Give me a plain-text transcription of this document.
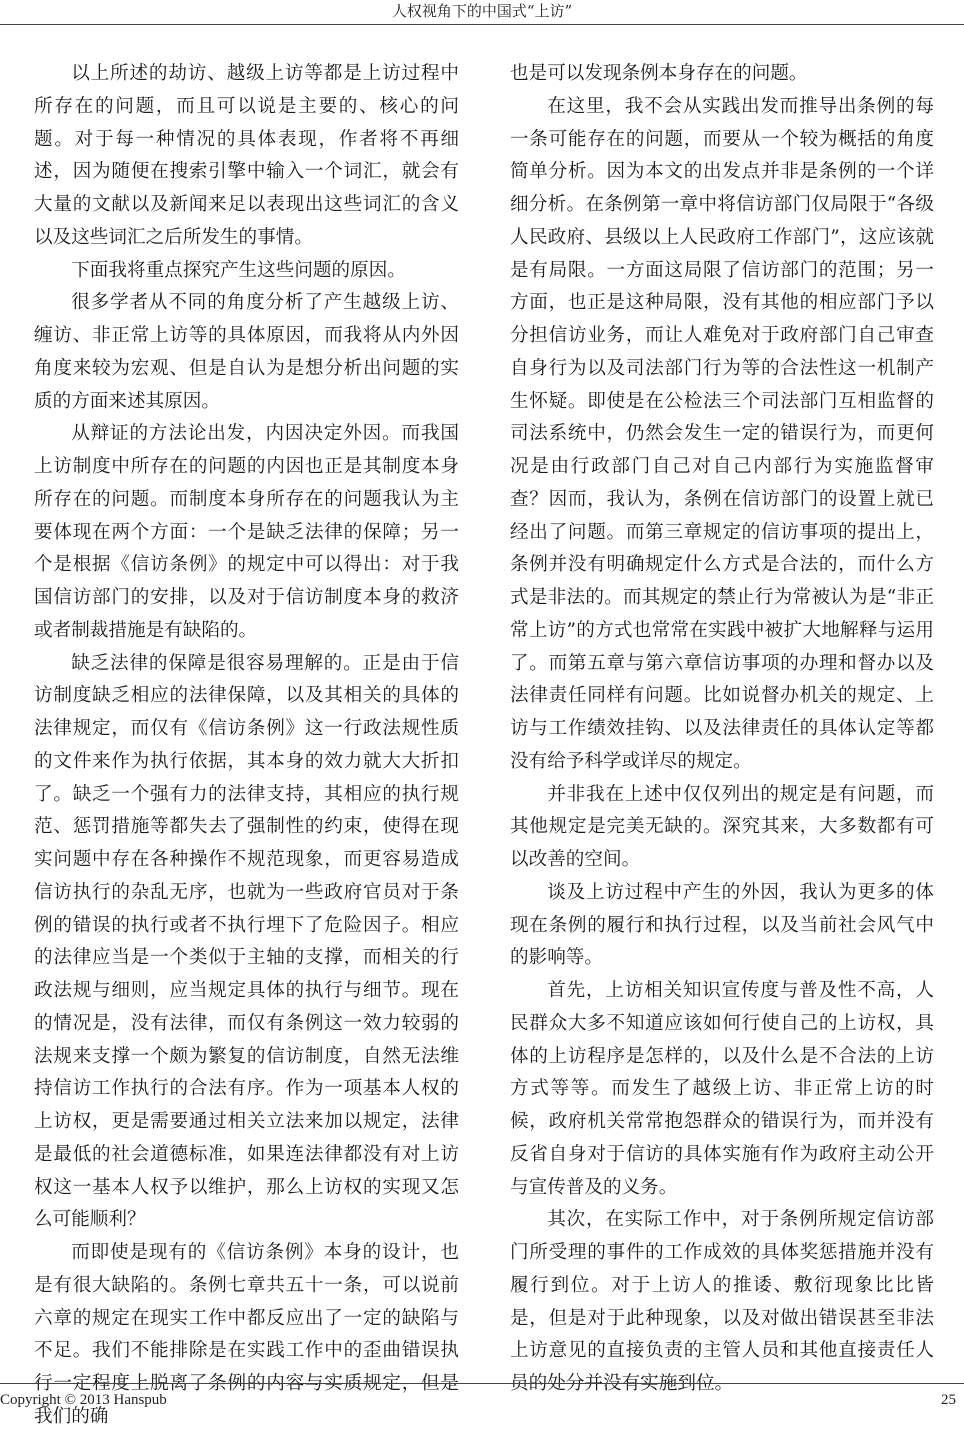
人权视角下的中国式“上访”

以上所述的劫访、越级上访等都是上访过程中所存在的问题，而且可以说是主要的、核心的问题。对于每一种情况的具体表现，作者将不再细述，因为随便在搜索引擎中输入一个词汇，就会有大量的文献以及新闻来足以表现出这些词汇的含义以及这些词汇之后所发生的事情。

下面我将重点探究产生这些问题的原因。

很多学者从不同的角度分析了产生越级上访、缠访、非正常上访等的具体原因，而我将从内外因角度来较为宏观、但是自认为是想分析出问题的实质的方面来述其原因。

从辩证的方法论出发，内因决定外因。而我国上访制度中所存在的问题的内因也正是其制度本身所存在的问题。而制度本身所存在的问题我认为主要体现在两个方面：一个是缺乏法律的保障；另一个是根据《信访条例》的规定中可以得出：对于我国信访部门的安排，以及对于信访制度本身的救济或者制裁措施是有缺陷的。

缺乏法律的保障是很容易理解的。正是由于信访制度缺乏相应的法律保障，以及其相关的具体的法律规定，而仅有《信访条例》这一行政法规性质的文件来作为执行依据，其本身的效力就大大折扣了。缺乏一个强有力的法律支持，其相应的执行规范、惩罚措施等都失去了强制性的约束，使得在现实问题中存在各种操作不规范现象，而更容易造成信访执行的杂乱无序，也就为一些政府官员对于条例的错误的执行或者不执行埋下了危险因子。相应的法律应当是一个类似于主轴的支撑，而相关的行政法规与细则，应当规定具体的执行与细节。现在的情况是，没有法律，而仅有条例这一效力较弱的法规来支撑一个颇为繁复的信访制度，自然无法维持信访工作执行的合法有序。作为一项基本人权的上访权，更是需要通过相关立法来加以规定，法律是最低的社会道德标准，如果连法律都没有对上访权这一基本人权予以维护，那么上访权的实现又怎么可能顺利？

而即使是现有的《信访条例》本身的设计，也是有很大缺陷的。条例七章共五十一条，可以说前六章的规定在现实工作中都反应出了一定的缺陷与不足。我们不能排除是在实践工作中的歪曲错误执行一定程度上脱离了条例的内容与实质规定，但是我们的确

也是可以发现条例本身存在的问题。

在这里，我不会从实践出发而推导出条例的每一条可能存在的问题，而要从一个较为概括的角度简单分析。因为本文的出发点并非是条例的一个详细分析。在条例第一章中将信访部门仅局限于“各级人民政府、县级以上人民政府工作部门”，这应该就是有局限。一方面这局限了信访部门的范围；另一方面，也正是这种局限，没有其他的相应部门予以分担信访业务，而让人难免对于政府部门自己审查自身行为以及司法部门行为等的合法性这一机制产生怀疑。即使是在公检法三个司法部门互相监督的司法系统中，仍然会发生一定的错误行为，而更何况是由行政部门自己对自己内部行为实施监督审查？因而，我认为，条例在信访部门的设置上就已经出了问题。而第三章规定的信访事项的提出上，条例并没有明确规定什么方式是合法的，而什么方式是非法的。而其规定的禁止行为常被认为是“非正常上访”的方式也常常在实践中被扩大地解释与运用了。而第五章与第六章信访事项的办理和督办以及法律责任同样有问题。比如说督办机关的规定、上访与工作绩效挂钩、以及法律责任的具体认定等都没有给予科学或详尽的规定。

并非我在上述中仅仅列出的规定是有问题，而其他规定是完美无缺的。深究其来，大多数都有可以改善的空间。

谈及上访过程中产生的外因，我认为更多的体现在条例的履行和执行过程，以及当前社会风气中的影响等。

首先，上访相关知识宣传度与普及性不高，人民群众大多不知道应该如何行使自己的上访权，具体的上访程序是怎样的，以及什么是不合法的上访方式等等。而发生了越级上访、非正常上访的时候，政府机关常常抱怨群众的错误行为，而并没有反省自身对于信访的具体实施有作为政府主动公开与宣传普及的义务。

其次，在实际工作中，对于条例所规定信访部门所受理的事件的工作成效的具体奖惩措施并没有履行到位。对于上访人的推诿、敷衍现象比比皆是，但是对于此种现象，以及对做出错误甚至非法上访意见的直接负责的主管人员和其他直接责任人员的处分并没有实施到位。

Copyright © 2013 Hanspub	25
